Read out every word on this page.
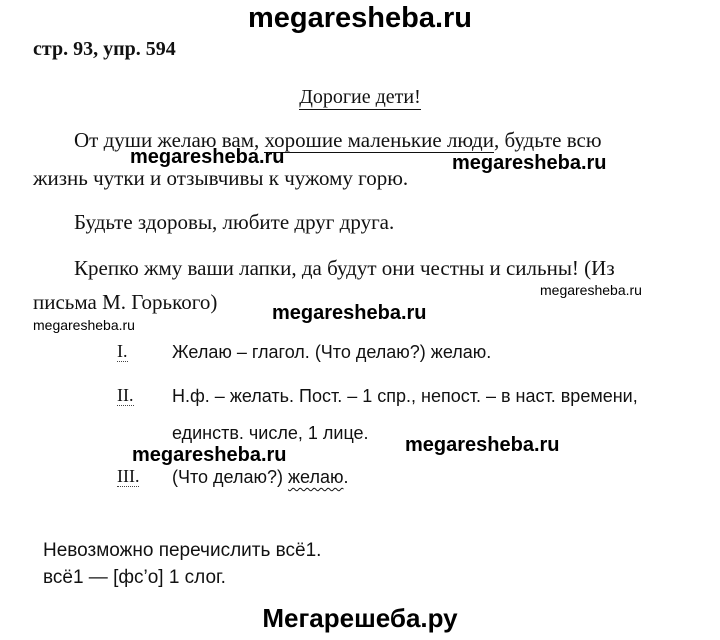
megaresheba.ru
стр. 93, упр. 594
Дорогие дети!
От души желаю вам, хорошие маленькие люди, будьте всю
жизнь чутки и отзывчивы к чужому горю.
Будьте здоровы, любите друг друга.
Крепко жму ваши лапки, да будут они честны и сильны! (Из
письма М. Горького)
megaresheba.ru	megaresheba.ru
megaresheba.ru
megaresheba.ru
megaresheba.ru
megaresheba.ru
megaresheba.ru
I. Желаю – глагол. (Что делаю?) желаю.
II. Н.ф. – желать. Пост. – 1 спр., непост. – в наст. времени,
единств. числе, 1 лице.
III. (Что делаю?) желаю.
Невозможно перечислить всё1.
всё1 — [фс’о] 1 слог.
Мегарешеба.ру
